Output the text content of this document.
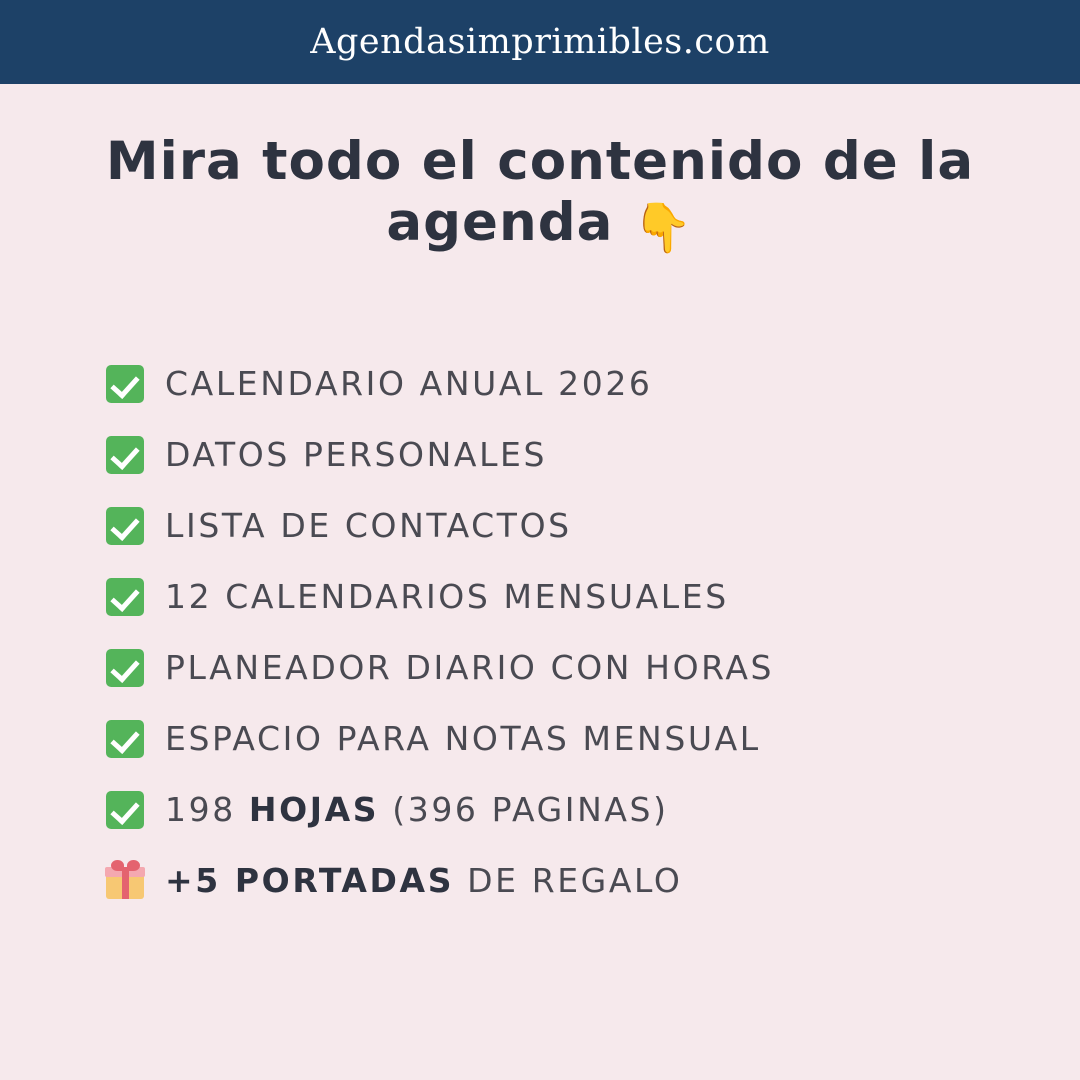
Agendasimprimibles.com
Mira todo el contenido de la
agenda 👇
CALENDARIO ANUAL 2026
DATOS PERSONALES
LISTA DE CONTACTOS
12 CALENDARIOS MENSUALES
PLANEADOR DIARIO CON HORAS
ESPACIO PARA NOTAS MENSUAL
198 HOJAS (396 PAGINAS)
+5 PORTADAS DE REGALO
